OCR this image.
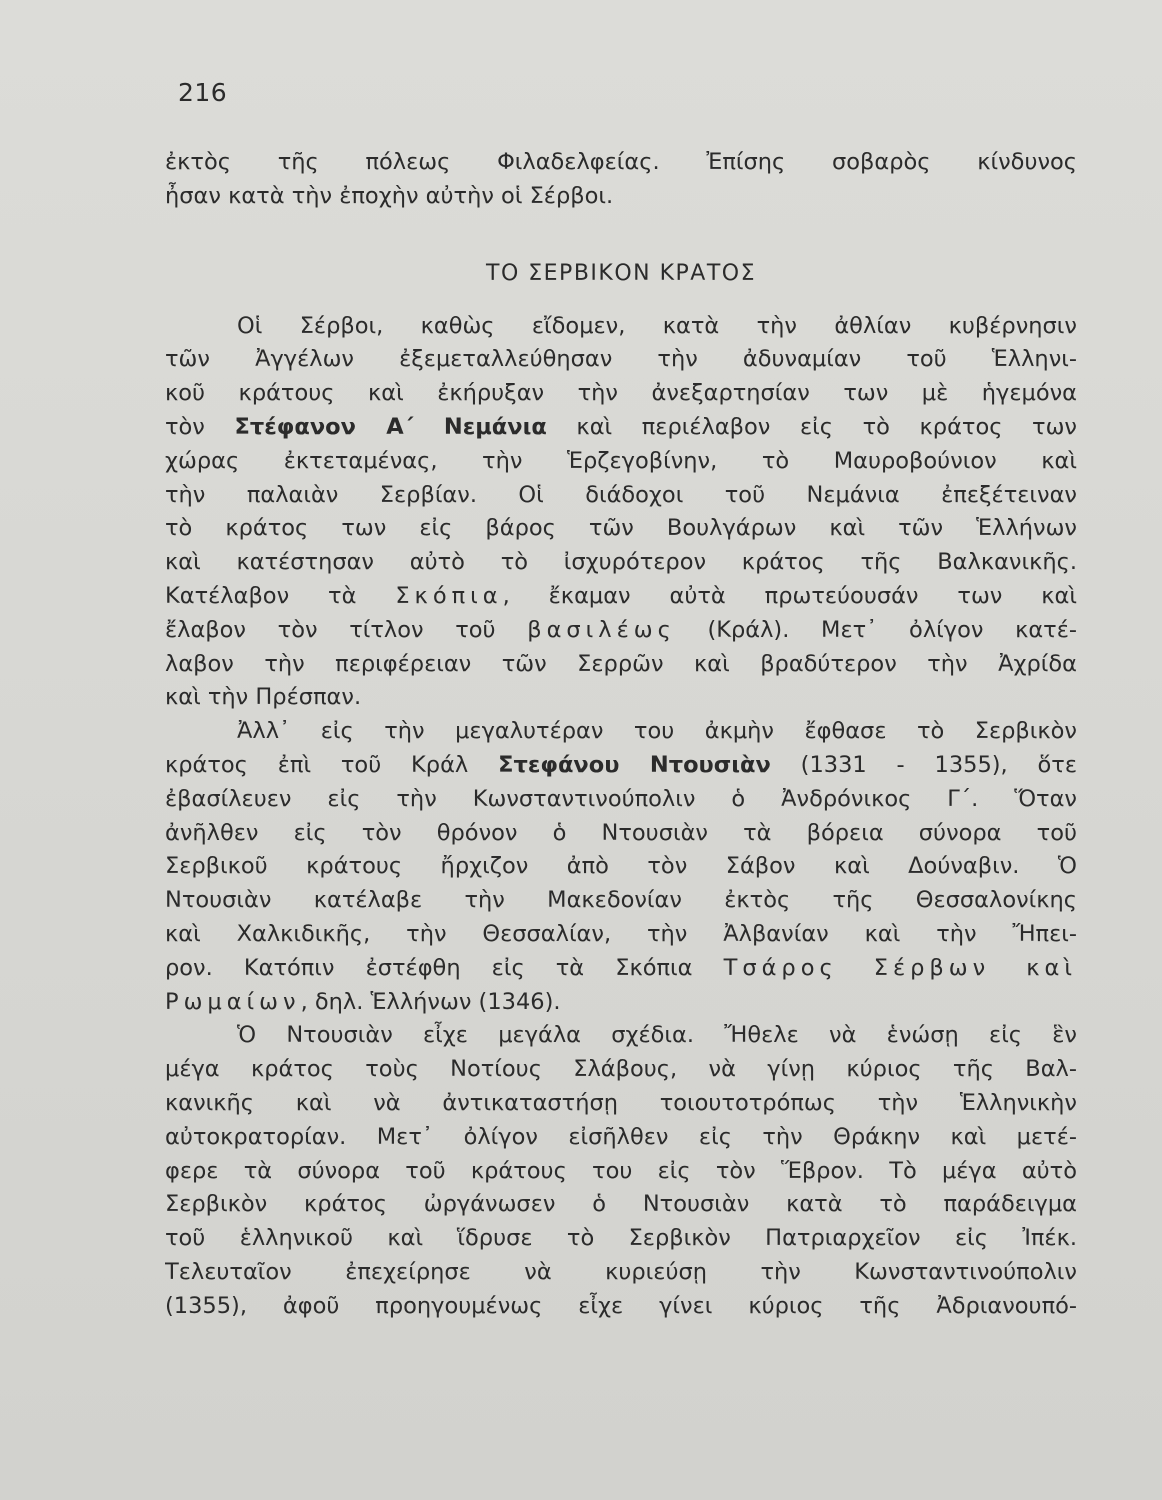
216
ἐκτὸς τῆς πόλεως Φιλαδελφείας. Ἐπίσης σοβαρὸς κίνδυνος
ἦσαν κατὰ τὴν ἐποχὴν αὐτὴν οἱ Σέρβοι.
ΤΟ ΣΕΡΒΙΚΟΝ ΚΡΑΤΟΣ
Οἱ Σέρβοι, καθὼς εἴδομεν, κατὰ τὴν ἀθλίαν κυβέρνησιν
τῶν Ἀγγέλων ἐξεμεταλλεύθησαν τὴν ἀδυναμίαν τοῦ Ἑλληνι-
κοῦ κράτους καὶ ἐκήρυξαν τὴν ἀνεξαρτησίαν των μὲ ἡγεμόνα
τὸν Στέφανον Α΄ Νεμάνια καὶ περιέλαβον εἰς τὸ κράτος των
χώρας ἐκτεταμένας, τὴν Ἑρζεγοβίνην, τὸ Μαυροβούνιον καὶ
τὴν παλαιὰν Σερβίαν. Οἱ διάδοχοι τοῦ Νεμάνια ἐπεξέτειναν
τὸ κράτος των εἰς βάρος τῶν Βουλγάρων καὶ τῶν Ἑλλήνων
καὶ κατέστησαν αὐτὸ τὸ ἰσχυρότερον κράτος τῆς Βαλκανικῆς.
Κατέλαβον τὰ Σκόπια, ἔκαμαν αὐτὰ πρωτεύουσάν των καὶ
ἔλαβον τὸν τίτλον τοῦ βασιλέως (Κράλ). Μετ᾽ ὀλίγον κατέ-
λαβον τὴν περιφέρειαν τῶν Σερρῶν καὶ βραδύτερον τὴν Ἀχρίδα
καὶ τὴν Πρέσπαν.
Ἀλλ᾽ εἰς τὴν μεγαλυτέραν του ἀκμὴν ἔφθασε τὸ Σερβικὸν
κράτος ἐπὶ τοῦ Κράλ Στεφάνου Ντουσιὰν (1331 - 1355), ὅτε
ἐβασίλευεν εἰς τὴν Κωνσταντινούπολιν ὁ Ἀνδρόνικος Γ΄. Ὅταν
ἀνῆλθεν εἰς τὸν θρόνον ὁ Ντουσιὰν τὰ βόρεια σύνορα τοῦ
Σερβικοῦ κράτους ἤρχιζον ἀπὸ τὸν Σάβον καὶ Δούναβιν. Ὁ
Ντουσιὰν κατέλαβε τὴν Μακεδονίαν ἐκτὸς τῆς Θεσσαλονίκης
καὶ Χαλκιδικῆς, τὴν Θεσσαλίαν, τὴν Ἀλβανίαν καὶ τὴν Ἤπει-
ρον. Κατόπιν ἐστέφθη εἰς τὰ Σκόπια Τσάρος Σέρβων καὶ
Ρωμαίων, δηλ. Ἑλλήνων (1346).
Ὁ Ντουσιὰν εἶχε μεγάλα σχέδια. Ἤθελε νὰ ἑνώσῃ εἰς ἓν
μέγα κράτος τοὺς Νοτίους Σλάβους, νὰ γίνῃ κύριος τῆς Βαλ-
κανικῆς καὶ νὰ ἀντικαταστήσῃ τοιουτοτρόπως τὴν Ἑλληνικὴν
αὐτοκρατορίαν. Μετ᾽ ὀλίγον εἰσῆλθεν εἰς τὴν Θράκην καὶ μετέ-
φερε τὰ σύνορα τοῦ κράτους του εἰς τὸν Ἕβρον. Τὸ μέγα αὐτὸ
Σερβικὸν κράτος ὠργάνωσεν ὁ Ντουσιὰν κατὰ τὸ παράδειγμα
τοῦ ἑλληνικοῦ καὶ ἵδρυσε τὸ Σερβικὸν Πατριαρχεῖον εἰς Ἰπέκ.
Τελευταῖον ἐπεχείρησε νὰ κυριεύσῃ τὴν Κωνσταντινούπολιν
(1355), ἀφοῦ προηγουμένως εἶχε γίνει κύριος τῆς Ἀδριανουπό-
